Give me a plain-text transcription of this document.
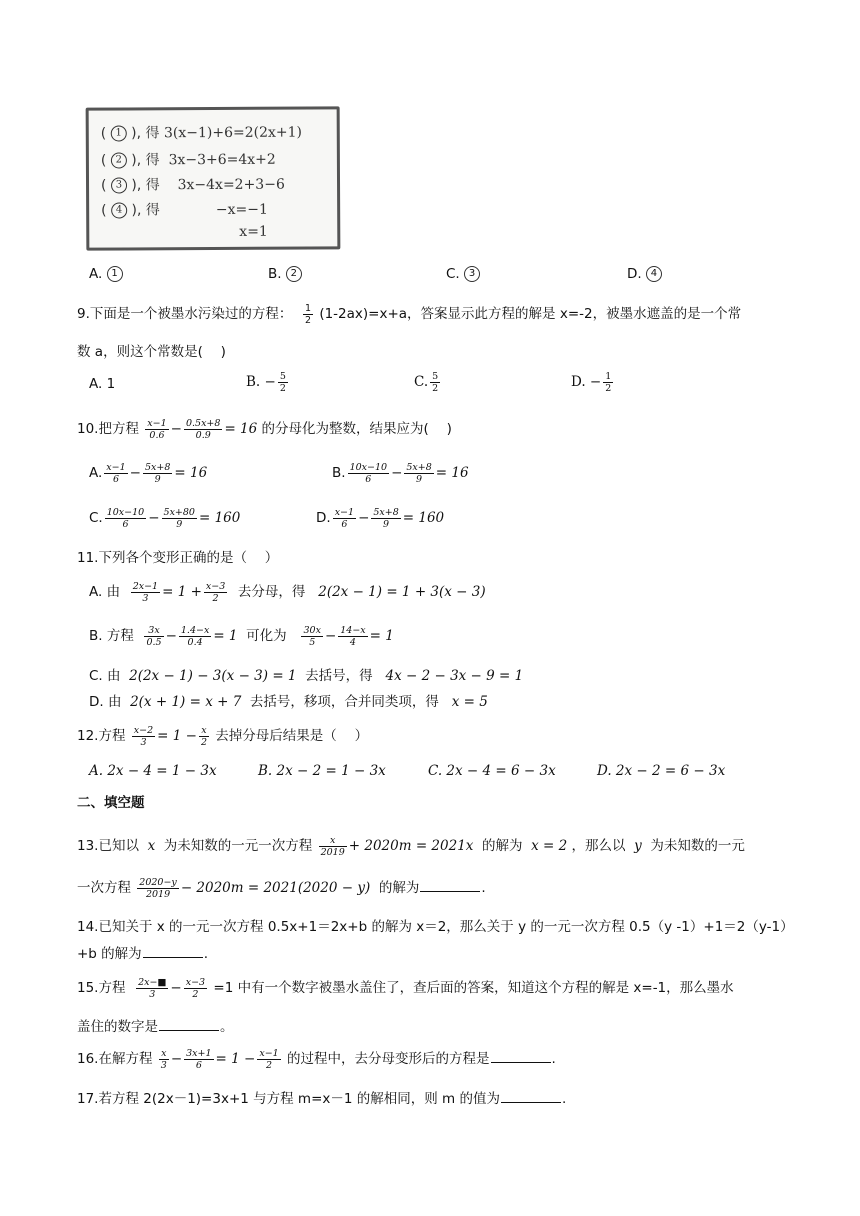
( 1 ), 得 3(x−1)+6=2(2x+1)
( 2 ), 得 3x−3+6=4x+2
( 3 ), 得 3x−4x=2+3−6
( 4 ), 得	−x=−1
x=1
A. 1	B. 2	C. 3	D. 4
9.下面是一个被墨水污染过的方程： $\frac{1}{2} (1-2ax)=x+a$，答案显示此方程的解是 x=-2，被墨水遮盖的是一个常
数 a，则这个常数是(　 )
A. 1	B. − $\frac{5}{2}$	C. $\frac{5}{2}$	D. − $\frac{1}{2}$
10.把方程 $\frac{x-1}{0.6} - \frac{0.5x+8}{0.9} = 16$ 的分母化为整数，结果应为(　 )
A. $\frac{x-1}{6} - \frac{5x+8}{9} = 16$	B. $\frac{10x-10}{6} - \frac{5x+8}{9} = 16$
C. $\frac{10x-10}{6} - \frac{5x+80}{9} = 160$	D. $\frac{x-1}{6} - \frac{5x+8}{9} = 160$
11.下列各个变形正确的是（　 ）
A. 由 $\frac{2x-1}{3} = 1 + \frac{x-3}{2}$ 去分母，得 2(2x − 1) = 1 + 3(x − 3)
B. 方程 $\frac{3x}{0.5} - \frac{1.4-x}{0.4} = 1$ 可化为 $\frac{30x}{5} - \frac{14-x}{4} = 1$
C. 由 2(2x − 1) − 3(x − 3) = 1 去括号，得 4x − 2 − 3x − 9 = 1
D. 由 2(x + 1) = x + 7 去括号，移项，合并同类项，得 x = 5
12.方程 $\frac{x-2}{3} = 1 - \frac{x}{2}$ 去掉分母后结果是（　 ）
A. 2x − 4 = 1 − 3x	B. 2x − 2 = 1 − 3x	C. 2x − 4 = 6 − 3x	D. 2x − 2 = 6 − 3x
二、填空题
13.已知以 x 为未知数的一元一次方程 $\frac{x}{2019} + 2020m = 2021x$ 的解为 x = 2 ，那么以 y 为未知数的一元
一次方程 $\frac{2020-y}{2019} - 2020m = 2021(2020 - y)$ 的解为	.
14.已知关于 x 的一元一次方程 0.5x+1＝2x+b 的解为 x＝2，那么关于 y 的一元一次方程 0.5（y -1）+1＝2（y-1）
+b 的解为	.
15.方程 $\frac{2x-■}{3} - \frac{x-3}{2} =1$ 中有一个数字被墨水盖住了，查后面的答案，知道这个方程的解是 x=-1，那么墨水
盖住的数字是	。
16.在解方程 $\frac{x}{3} - \frac{3x+1}{6} = 1 - \frac{x-1}{2}$ 的过程中，去分母变形后的方程是	.
17.若方程 2(2x－1)=3x+1 与方程 m=x－1 的解相同，则 m 的值为	.
